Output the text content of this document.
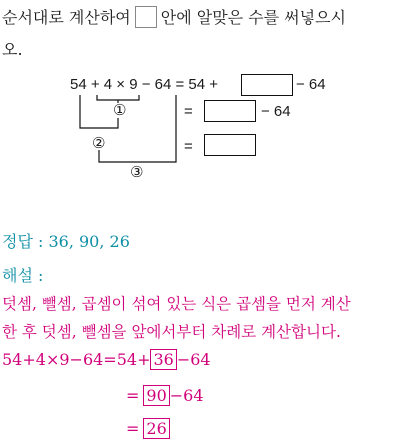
순서대로 계산하여 안에 알맞은 수를 써넣으시
오.
54 + 4 × 9 − 64 = 54 +	− 64
①
②
③
=	− 64
=
정답 : 36, 90, 26
해설 :
덧셈, 뺄셈, 곱셈이 섞여 있는 식은 곱셈을 먼저 계산
한 후 덧셈, 뺄셈을 앞에서부터 차례로 계산합니다.
54+4×9−64=54+ 36 −64
= 90 −64
= 26
